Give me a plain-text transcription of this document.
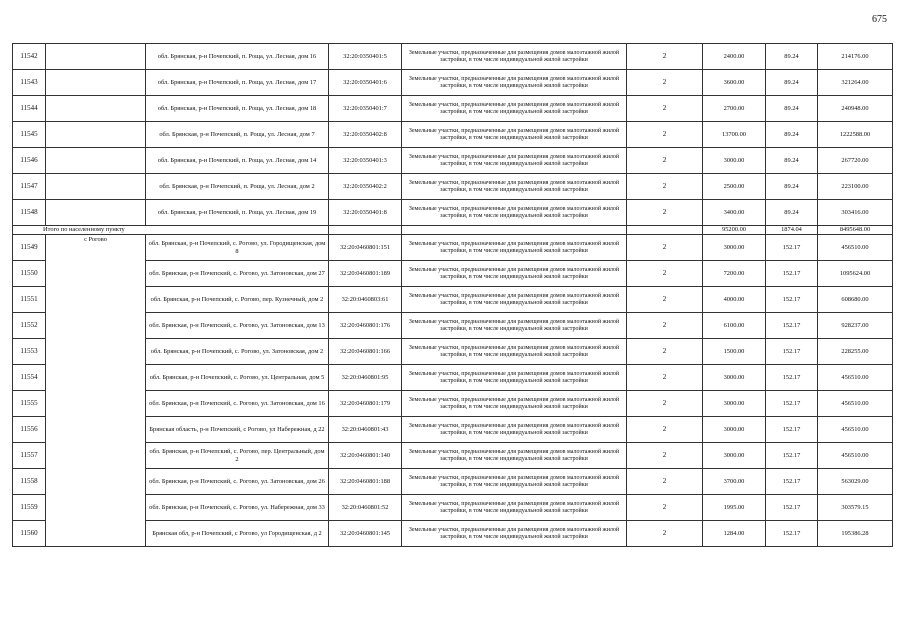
675
11542		обл. Брянская, р-н Почепский, п. Роща, ул. Лесная, дом 16	32:20:0350401:5	Земельные участки, предназначенные для размещения домов малоэтажной жилой застройки, в том числе индивидуальной жилой застройки	2	2400.00	89.24	214176.00
11543		обл. Брянская, р-н Почепский, п. Роща, ул. Лесная, дом 17	32:20:0350401:6	Земельные участки, предназначенные для размещения домов малоэтажной жилой застройки, в том числе индивидуальной жилой застройки	2	3600.00	89.24	321264.00
11544		обл. Брянская, р-н Почепский, п. Роща, ул. Лесная, дом 18	32:20:0350401:7	Земельные участки, предназначенные для размещения домов малоэтажной жилой застройки, в том числе индивидуальной жилой застройки	2	2700.00	89.24	240948.00
11545		обл. Брянская, р-н Почепский, п. Роща, ул. Лесная, дом 7	32:20:0350402:8	Земельные участки, предназначенные для размещения домов малоэтажной жилой застройки, в том числе индивидуальной жилой застройки	2	13700.00	89.24	1222588.00
11546		обл. Брянская, р-н Почепский, п. Роща, ул. Лесная, дом 14	32:20:0350401:3	Земельные участки, предназначенные для размещения домов малоэтажной жилой застройки, в том числе индивидуальной жилой застройки	2	3000.00	89.24	267720.00
11547		обл. Брянская, р-н Почепский, п. Роща, ул. Лесная, дом 2	32:20:0350402:2	Земельные участки, предназначенные для размещения домов малоэтажной жилой застройки, в том числе индивидуальной жилой застройки	2	2500.00	89.24	223100.00
11548		обл. Брянская, р-н Почепский, п. Роща, ул. Лесная, дом 19	32:20:0350401:8	Земельные участки, предназначенные для размещения домов малоэтажной жилой застройки, в том числе индивидуальной жилой застройки	2	3400.00	89.24	303416.00
Итого по населенному пункту						95200.00	1874.04	8495648.00
11549	с Рогово	обл. Брянская, р-н Почепский, с. Рогово, ул. Городищенская, дом 8	32:20:0460801:151	Земельные участки, предназначенные для размещения домов малоэтажной жилой застройки, в том числе индивидуальной жилой застройки	2	3000.00	152.17	456510.00
11550		обл. Брянская, р-н Почепский, с. Рогово, ул. Затоновская, дом 27	32:20:0460801:189	Земельные участки, предназначенные для размещения домов малоэтажной жилой застройки, в том числе индивидуальной жилой застройки	2	7200.00	152.17	1095624.00
11551		обл. Брянская, р-н Почепский, с. Рогово, пер. Кузнечный, дом 2	32:20:0460803:61	Земельные участки, предназначенные для размещения домов малоэтажной жилой застройки, в том числе индивидуальной жилой застройки	2	4000.00	152.17	608680.00
11552		обл. Брянская, р-н Почепский, с. Рогово, ул. Затоновская, дом 13	32:20:0460801:176	Земельные участки, предназначенные для размещения домов малоэтажной жилой застройки, в том числе индивидуальной жилой застройки	2	6100.00	152.17	928237.00
11553		обл. Брянская, р-н Почепский, с. Рогово, ул. Затоновская, дом 2	32:20:0460801:166	Земельные участки, предназначенные для размещения домов малоэтажной жилой застройки, в том числе индивидуальной жилой застройки	2	1500.00	152.17	228255.00
11554		обл. Брянская, р-н Почепский, с. Рогово, ул. Центральная, дом 5	32:20:0460801:95	Земельные участки, предназначенные для размещения домов малоэтажной жилой застройки, в том числе индивидуальной жилой застройки	2	3000.00	152.17	456510.00
11555		обл. Брянская, р-н Почепский, с. Рогово, ул. Затоновская, дом 16	32:20:0460801:179	Земельные участки, предназначенные для размещения домов малоэтажной жилой застройки, в том числе индивидуальной жилой застройки	2	3000.00	152.17	456510.00
11556		Брянская область, р-н Почепский, с Рогово, ул Набережная, д 22	32:20:0460801:43	Земельные участки, предназначенные для размещения домов малоэтажной жилой застройки, в том числе индивидуальной жилой застройки	2	3000.00	152.17	456510.00
11557		обл. Брянская, р-н Почепский, с. Рогово, пер. Центральный, дом 2	32:20:0460801:140	Земельные участки, предназначенные для размещения домов малоэтажной жилой застройки, в том числе индивидуальной жилой застройки	2	3000.00	152.17	456510.00
11558		обл. Брянская, р-н Почепский, с. Рогово, ул. Затоновская, дом 26	32:20:0460801:188	Земельные участки, предназначенные для размещения домов малоэтажной жилой застройки, в том числе индивидуальной жилой застройки	2	3700.00	152.17	563029.00
11559		обл. Брянская, р-н Почепский, с. Рогово, ул. Набережная, дом 33	32:20:0460801:52	Земельные участки, предназначенные для размещения домов малоэтажной жилой застройки, в том числе индивидуальной жилой застройки	2	1995.00	152.17	303579.15
11560		Брянская обл, р-н Почепский, с Рогово, ул Городищенская, д 2	32:20:0460801:145	Земельные участки, предназначенные для размещения домов малоэтажной жилой застройки, в том числе индивидуальной жилой застройки	2	1284.00	152.17	195386.28
